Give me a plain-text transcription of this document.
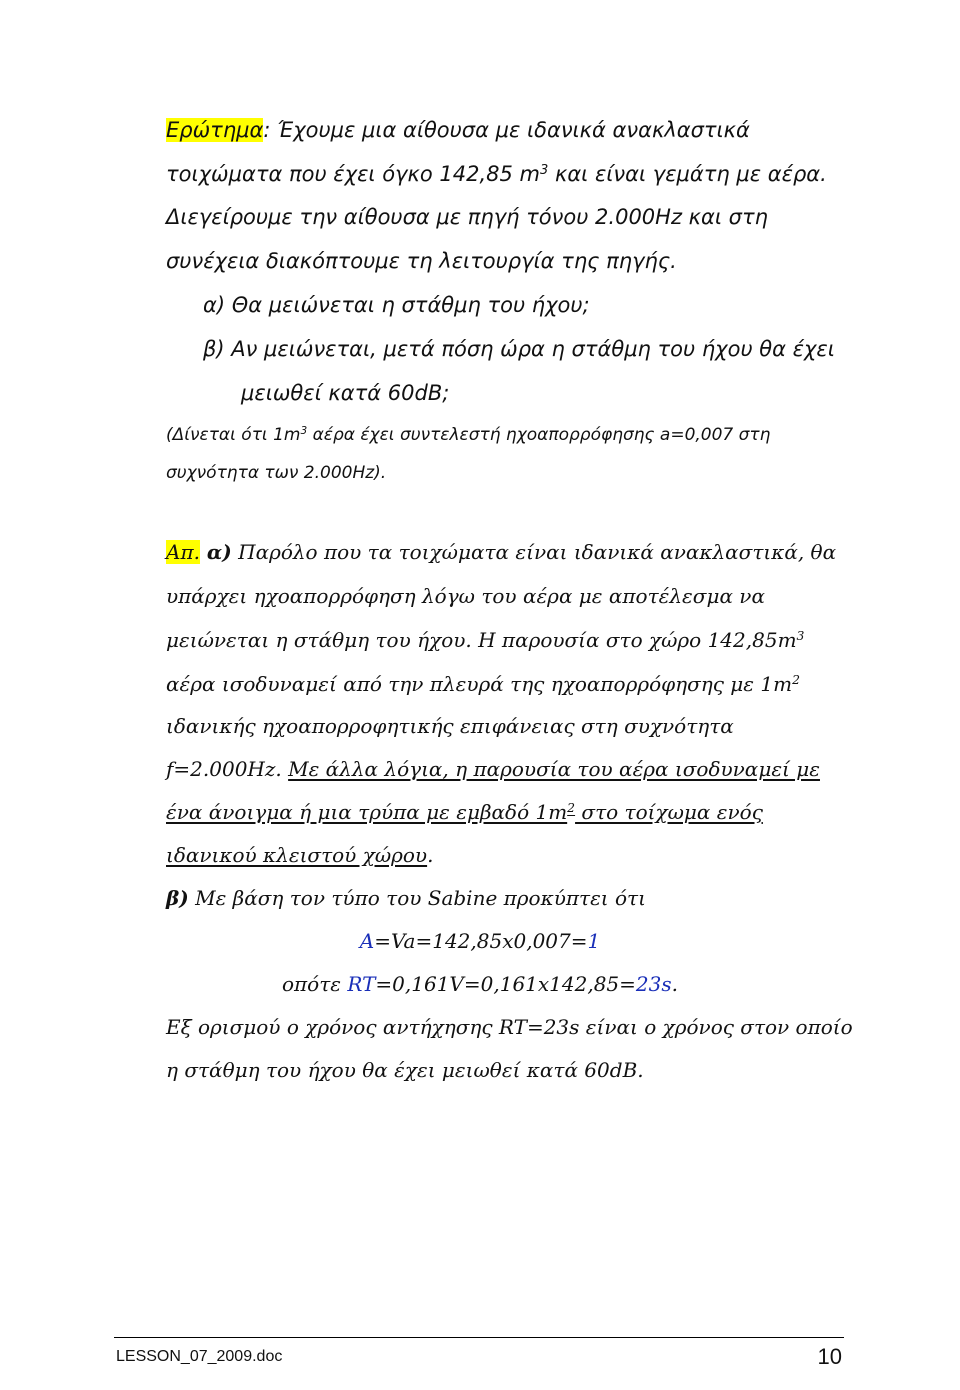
Ερώτημα: Έχουμε μια αίθουσα με ιδανικά ανακλαστικά
τοιχώματα που έχει όγκο 142,85 $m^3$ και είναι γεμάτη με αέρα.
Διεγείρουμε την αίθουσα με πηγή τόνου 2.000Hz και στη
συνέχεια διακόπτουμε τη λειτουργία της πηγής.
α) Θα μειώνεται η στάθμη του ήχου;
β) Αν μειώνεται, μετά πόση ώρα η στάθμη του ήχου θα έχει
μειωθεί κατά 60dB;
(Δίνεται ότι $1m^3$ αέρα έχει συντελεστή ηχοαπορρόφησης a=0,007 στη
συχνότητα των 2.000Hz).
Απ. α) Παρόλο που τα τοιχώματα είναι ιδανικά ανακλαστικά, θα
υπάρχει ηχοαπορρόφηση λόγω του αέρα με αποτέλεσμα να
μειώνεται η στάθμη του ήχου. Η παρουσία στο χώρο $142,85m^3$
αέρα ισοδυναμεί από την πλευρά της ηχοαπορρόφησης με $1m^2$
ιδανικής ηχοαπορροφητικής επιφάνειας στη συχνότητα
f=2.000Hz. Με άλλα λόγια, η παρουσία του αέρα ισοδυναμεί με
ένα άνοιγμα ή μια τρύπα με εμβαδό $1m^2$ στο τοίχωμα ενός
ιδανικού κλειστού χώρου.
β) Με βάση τον τύπο του Sabine προκύπτει ότι
A=Va=142,85x0,007=1
οπότε RT=0,161V=0,161x142,85=23s.
Εξ ορισμού ο χρόνος αντήχησης RT=23s είναι ο χρόνος στον οποίο
η στάθμη του ήχου θα έχει μειωθεί κατά 60dB.
LESSON_07_2009.doc	10
